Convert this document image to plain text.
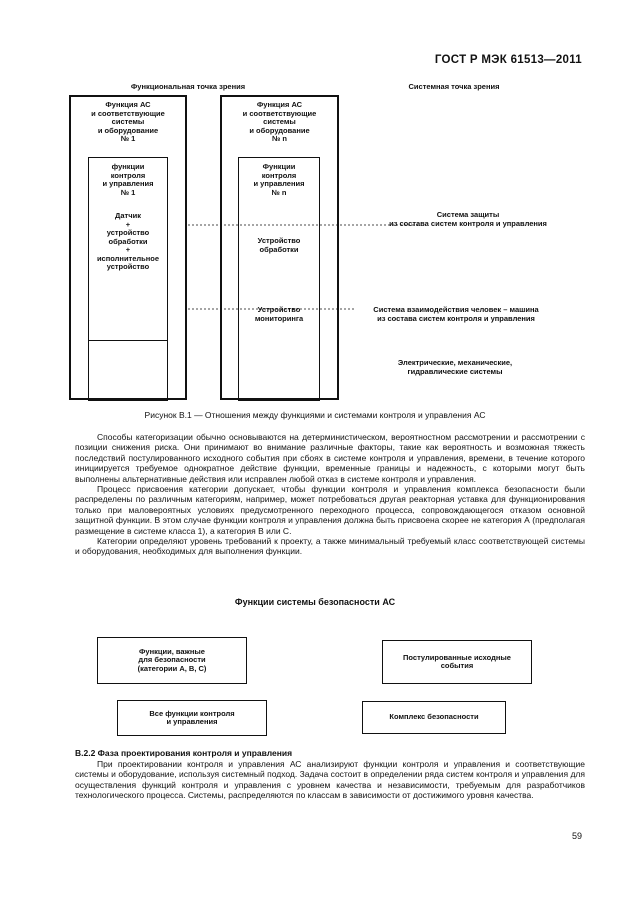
ГОСТ Р МЭК 61513—2011
Функциональная точка зрения	Системная точка зрения
Функция АС
и соответствующие
системы
и оборудование
№ 1
функции
контроля
и управления
№ 1
Датчик
+
устройство
обработки
+
исполнительное
устройство
Функция АС
и соответствующие
системы
и оборудование
№ n
Функции
контроля
и управления
№ n
Устройство
обработки
Устройство
мониторинга
Система защиты
из состава систем контроля и управления
Система взаимодействия человек – машина
из состава систем контроля и управления
Электрические, механические,
гидравлические системы
Рисунок B.1 — Отношения между функциями и системами контроля и управления АС

Способы категоризации обычно основываются на детерминистическом, вероятностном рассмотрении и рассмотрении с позиции снижения риска. Они принимают во внимание различные факторы, такие как вероятность и возможная тяжесть последствий постулированного исходного события при сбоях в системе контроля и управления, времени, в течение которого инициируется требуемое однократное действие функции, временные границы и надежность, с которыми могут быть выполнены альтернативные действия или исправлен любой отказ в системе контроля и управления.

Процесс присвоения категории допускает, чтобы функции контроля и управления комплекса безопасности были распределены по различным категориям, например, может потребоваться другая реакторная уставка для функционирования только при маловероятных условиях предусмотренного переходного процесса, сопровождающегося отказом основной защитной функции. В этом случае функции контроля и управления должна быть присвоена скорее не категория А (предполагая размещение в системе класса 1), а категория В или С.

Категории определяют уровень требований к проекту, а также минимальный требуемый класс соответствующей системы и оборудования, необходимых для выполнения функции.

Функции системы безопасности АС
Функции, важные
для безопасности
(категории А, В, С)
Постулированные исходные
события
Все функции контроля
и управления
Комплекс безопасности
B.2.2 Фаза проектирования контроля и управления

При проектировании контроля и управления АС анализируют функции контроля и управления и соответствующие системы и оборудование, используя системный подход. Задача состоит в определении ряда систем контроля и управления для осуществления функций контроля и управления с уровнем качества и независимости, требуемым для разработчиков технологического процесса. Системы, распределяются по классам в зависимости от достижимого уровня качества.

59
